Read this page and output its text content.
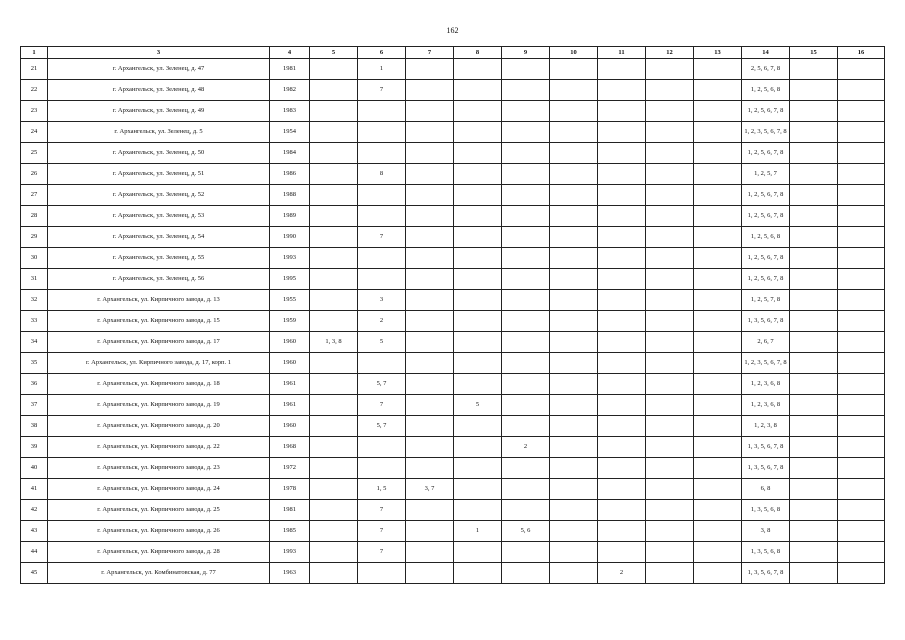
162
1	3	4	5	6	7	8	9	10	11	12	13	14	15	16
21	г. Архангельск, ул. Зеленец, д. 47	1981		1								2, 5, 6, 7, 8		
22	г. Архангельск, ул. Зеленец, д. 48	1982		7								1, 2, 5, 6, 8		
23	г. Архангельск, ул. Зеленец, д. 49	1983										1, 2, 5, 6, 7, 8		
24	г. Архангельск, ул. Зеленец, д. 5	1954										1, 2, 3, 5, 6, 7, 8		
25	г. Архангельск, ул. Зеленец, д. 50	1984										1, 2, 5, 6, 7, 8		
26	г. Архангельск, ул. Зеленец, д. 51	1986		8								1, 2, 5, 7		
27	г. Архангельск, ул. Зеленец, д. 52	1988										1, 2, 5, 6, 7, 8		
28	г. Архангельск, ул. Зеленец, д. 53	1989										1, 2, 5, 6, 7, 8		
29	г. Архангельск, ул. Зеленец, д. 54	1990		7								1, 2, 5, 6, 8		
30	г. Архангельск, ул. Зеленец, д. 55	1993										1, 2, 5, 6, 7, 8		
31	г. Архангельск, ул. Зеленец, д. 56	1995										1, 2, 5, 6, 7, 8		
32	г. Архангельск, ул. Кирпичного завода, д. 13	1955		3								1, 2, 5, 7, 8		
33	г. Архангельск, ул. Кирпичного завода, д. 15	1959		2								1, 3, 5, 6, 7, 8		
34	г. Архангельск, ул. Кирпичного завода, д. 17	1960	1, 3, 8	5								2, 6, 7		
35	г. Архангельск, ул. Кирпичного завода, д. 17, корп. 1	1960										1, 2, 3, 5, 6, 7, 8		
36	г. Архангельск, ул. Кирпичного завода, д. 18	1961		5, 7								1, 2, 3, 6, 8		
37	г. Архангельск, ул. Кирпичного завода, д. 19	1961		7		5						1, 2, 3, 6, 8		
38	г. Архангельск, ул. Кирпичного завода, д. 20	1960		5, 7								1, 2, 3, 8		
39	г. Архангельск, ул. Кирпичного завода, д. 22	1968					2					1, 3, 5, 6, 7, 8		
40	г. Архангельск, ул. Кирпичного завода, д. 23	1972										1, 3, 5, 6, 7, 8		
41	г. Архангельск, ул. Кирпичного завода, д. 24	1978		1, 5	3, 7							6, 8		
42	г. Архангельск, ул. Кирпичного завода, д. 25	1981		7								1, 3, 5, 6, 8		
43	г. Архангельск, ул. Кирпичного завода, д. 26	1985		7		1	5, 6					3, 8		
44	г. Архангельск, ул. Кирпичного завода, д. 28	1993		7								1, 3, 5, 6, 8		
45	г. Архангельск, ул. Комбинатовская, д. 77	1963							2			1, 3, 5, 6, 7, 8		
